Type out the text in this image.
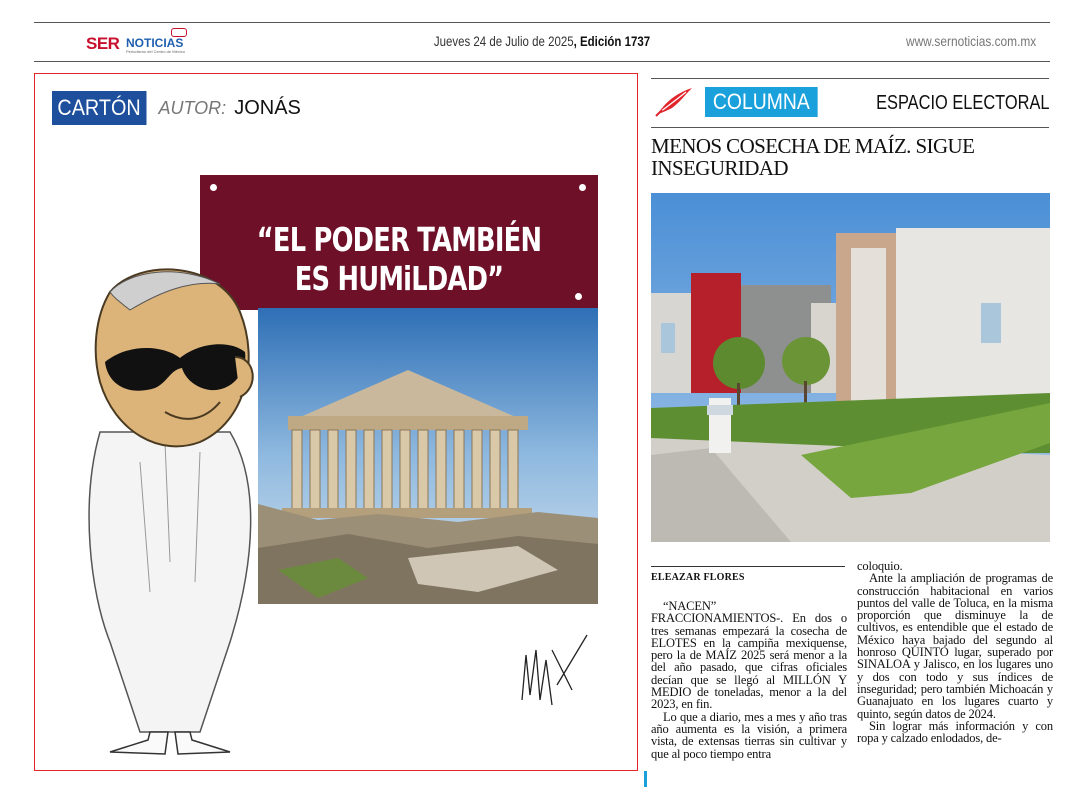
SER NOTICIAS
Periodismo del Centro de México
Jueves 24 de Julio de 2025, Edición 1737	www.sernoticias.com.mx
CARTÓN AUTOR: JONÁS
“EL PODER TAMBIÉN ES HUMiLDAD”
COLUMNA	ESPACIO ELECTORAL
MENOS COSECHA DE MAÍZ. SIGUE INSEGURIDAD
ELEAZAR FLORES

“NACEN” FRACCIONAMIENTOS-. En dos o tres semanas empezará la cosecha de ELOTES en la campiña mexiquense, pero la de MAÍZ 2025 será menor a la del año pasado, que cifras oficiales decían que se llegó al MILLÓN Y MEDIO de toneladas, menor a la del 2023, en fin.

Lo que a diario, mes a mes y año tras año aumenta es la visión, a primera vista, de extensas tierras sin cultivar y que al poco tiempo entra

coloquio.

Ante la ampliación de programas de construcción habitacional en varios puntos del valle de Toluca, en la misma proporción que disminuye la de cultivos, es entendible que el estado de México haya bajado del segundo al honroso QUINTO lugar, superado por SINALOA y Jalisco, en los lugares uno y dos con todo y sus índices de inseguridad; pero también Michoacán y Guanajuato en los lugares cuarto y quinto, según datos de 2024.

Sin lograr más información y con ropa y calzado enlodados, de-
